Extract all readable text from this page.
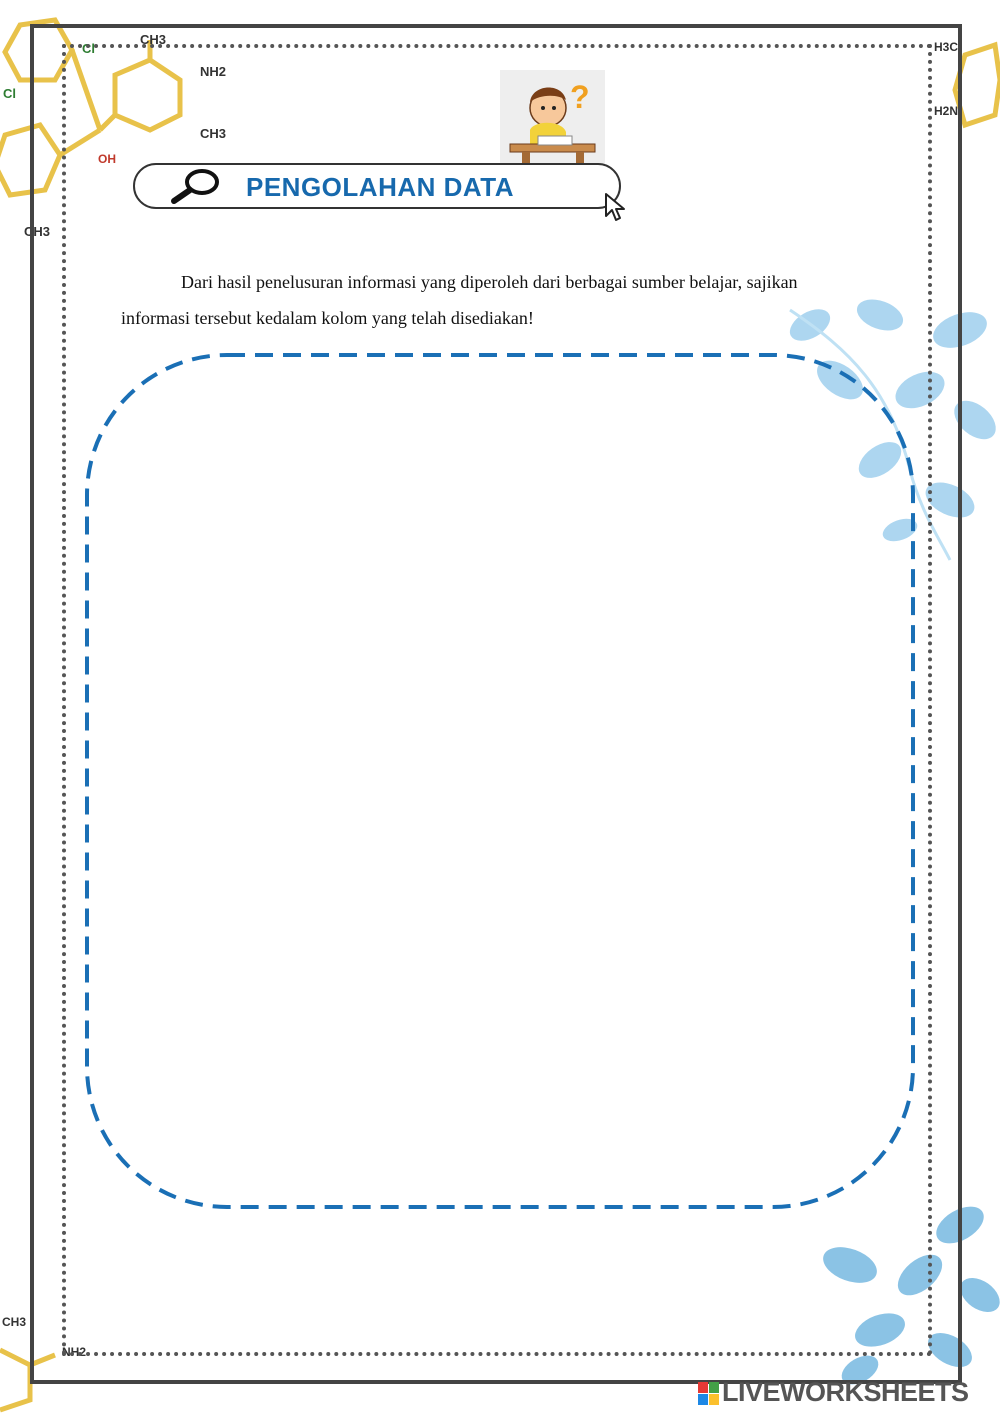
CH3
NH2
CH3
OH
Cl
Cl
CH3
H3C
H2N
CH3
NH2
?
PENGOLAHAN DATA
Dari hasil penelusuran informasi yang diperoleh dari berbagai sumber belajar, sajikan
informasi tersebut kedalam kolom yang telah disediakan!
LIVEWORKSHEETS
